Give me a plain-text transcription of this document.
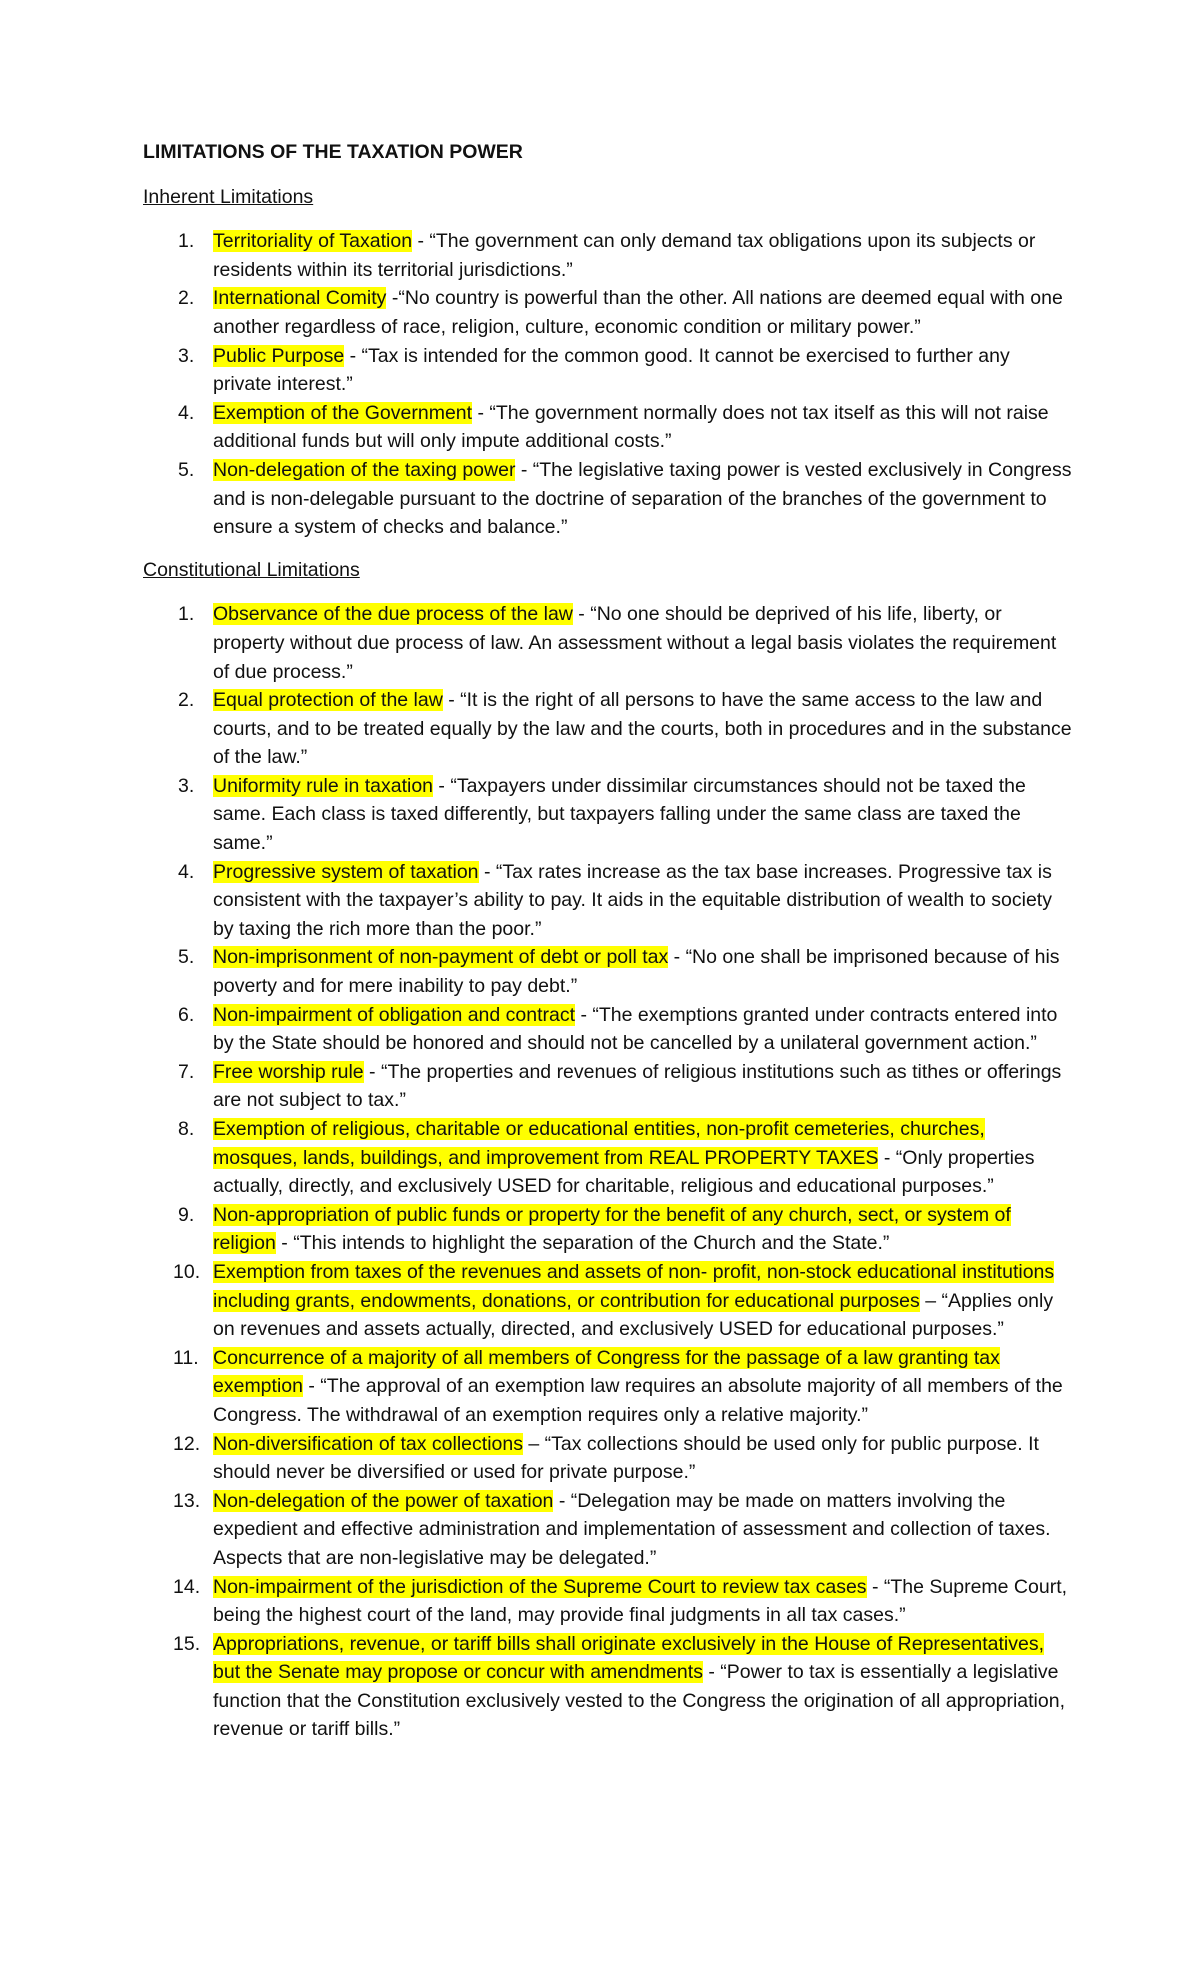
LIMITATIONS OF THE TAXATION POWER
Inherent Limitations
1. Territoriality of Taxation - “The government can only demand tax obligations upon its subjects or residents within its territorial jurisdictions.”
2. International Comity -“No country is powerful than the other. All nations are deemed equal with one another regardless of race, religion, culture, economic condition or military power.”
3. Public Purpose - “Tax is intended for the common good. It cannot be exercised to further any private interest.”
4. Exemption of the Government - “The government normally does not tax itself as this will not raise additional funds but will only impute additional costs.”
5. Non-delegation of the taxing power - “The legislative taxing power is vested exclusively in Congress and is non-delegable pursuant to the doctrine of separation of the branches of the government to ensure a system of checks and balance.”
Constitutional Limitations
1. Observance of the due process of the law - “No one should be deprived of his life, liberty, or property without due process of law. An assessment without a legal basis violates the requirement of due process.”
2. Equal protection of the law - “It is the right of all persons to have the same access to the law and courts, and to be treated equally by the law and the courts, both in procedures and in the substance of the law.”
3. Uniformity rule in taxation - “Taxpayers under dissimilar circumstances should not be taxed the same. Each class is taxed differently, but taxpayers falling under the same class are taxed the same.”
4. Progressive system of taxation - “Tax rates increase as the tax base increases. Progressive tax is consistent with the taxpayer’s ability to pay. It aids in the equitable distribution of wealth to society by taxing the rich more than the poor.”
5. Non-imprisonment of non-payment of debt or poll tax - “No one shall be imprisoned because of his poverty and for mere inability to pay debt.”
6. Non-impairment of obligation and contract - “The exemptions granted under contracts entered into by the State should be honored and should not be cancelled by a unilateral government action.”
7. Free worship rule - “The properties and revenues of religious institutions such as tithes or offerings are not subject to tax.”
8. Exemption of religious, charitable or educational entities, non-profit cemeteries, churches, mosques, lands, buildings, and improvement from REAL PROPERTY TAXES - “Only properties actually, directly, and exclusively USED for charitable, religious and educational purposes.”
9. Non-appropriation of public funds or property for the benefit of any church, sect, or system of religion - “This intends to highlight the separation of the Church and the State.”
10. Exemption from taxes of the revenues and assets of non- profit, non-stock educational institutions including grants, endowments, donations, or contribution for educational purposes – “Applies only on revenues and assets actually, directed, and exclusively USED for educational purposes.”
11. Concurrence of a majority of all members of Congress for the passage of a law granting tax exemption - “The approval of an exemption law requires an absolute majority of all members of the Congress. The withdrawal of an exemption requires only a relative majority.”
12. Non-diversification of tax collections – “Tax collections should be used only for public purpose. It should never be diversified or used for private purpose.”
13. Non-delegation of the power of taxation - “Delegation may be made on matters involving the expedient and effective administration and implementation of assessment and collection of taxes. Aspects that are non-legislative may be delegated.”
14. Non-impairment of the jurisdiction of the Supreme Court to review tax cases - “The Supreme Court, being the highest court of the land, may provide final judgments in all tax cases.”
15. Appropriations, revenue, or tariff bills shall originate exclusively in the House of Representatives, but the Senate may propose or concur with amendments - “Power to tax is essentially a legislative function that the Constitution exclusively vested to the Congress the origination of all appropriation, revenue or tariff bills.”
